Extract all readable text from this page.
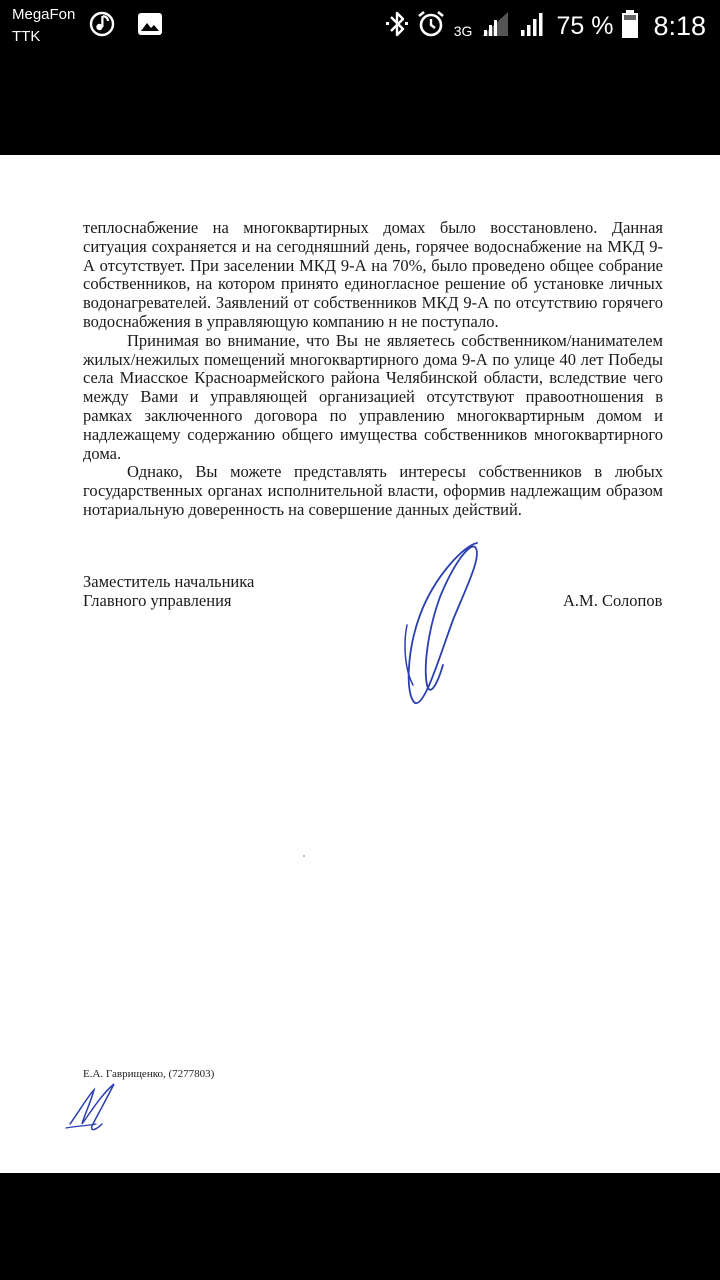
MegaFon
TTK	3G	75 % 8:18

теплоснабжение на многоквартирных домах было восстановлено. Данная ситуация сохраняется и на сегодняшний день, горячее водоснабжение на МКД 9-А отсутствует. При заселении МКД 9-А на 70%, было проведено общее собрание собственников, на котором принято единогласное решение об установке личных водонагревателей. Заявлений от собственников МКД 9-А по отсутствию горячего водоснабжения в управляющую компанию н не поступало.

Принимая во внимание, что Вы не являетесь собственником/нанимателем жилых/нежилых помещений многоквартирного дома 9-А по улице 40 лет Победы села Миасское Красноармейского района Челябинской области, вследствие чего между Вами и управляющей организацией отсутствуют правоотношения в рамках заключенного договора по управлению многоквартирным домом и надлежащему содержанию общего имущества собственников многоквартирного дома.

Однако, Вы можете представлять интересы собственников в любых государственных органах исполнительной власти, оформив надлежащим образом нотариальную доверенность на совершение данных действий.

Заместитель начальника
Главного управления	А.М. Солопов
Е.А. Гаврищенко, (7277803)
